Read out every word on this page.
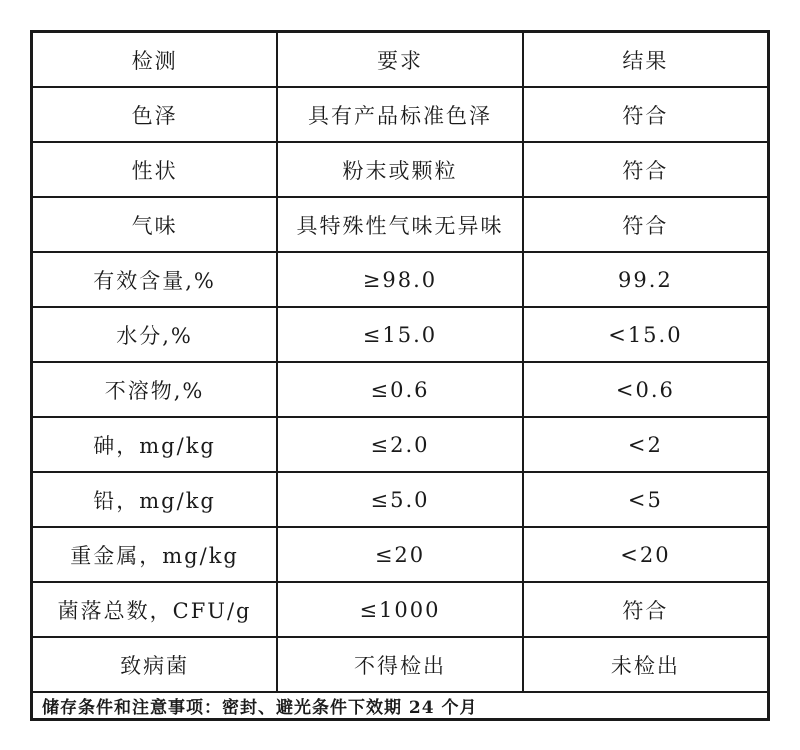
检测	要求	结果
色泽	具有产品标准色泽	符合
性状	粉末或颗粒	符合
气味	具特殊性气味无异味	符合
有效含量,%	≥98.0	99.2
水分,%	≤15.0	<15.0
不溶物,%	≤0.6	<0.6
砷，mg/kg	≤2.0	<2
铅，mg/kg	≤5.0	<5
重金属，mg/kg	≤20	<20
菌落总数，CFU/g	≤1000	符合
致病菌	不得检出	未检出
储存条件和注意事项：密封、避光条件下效期 24 个月		
